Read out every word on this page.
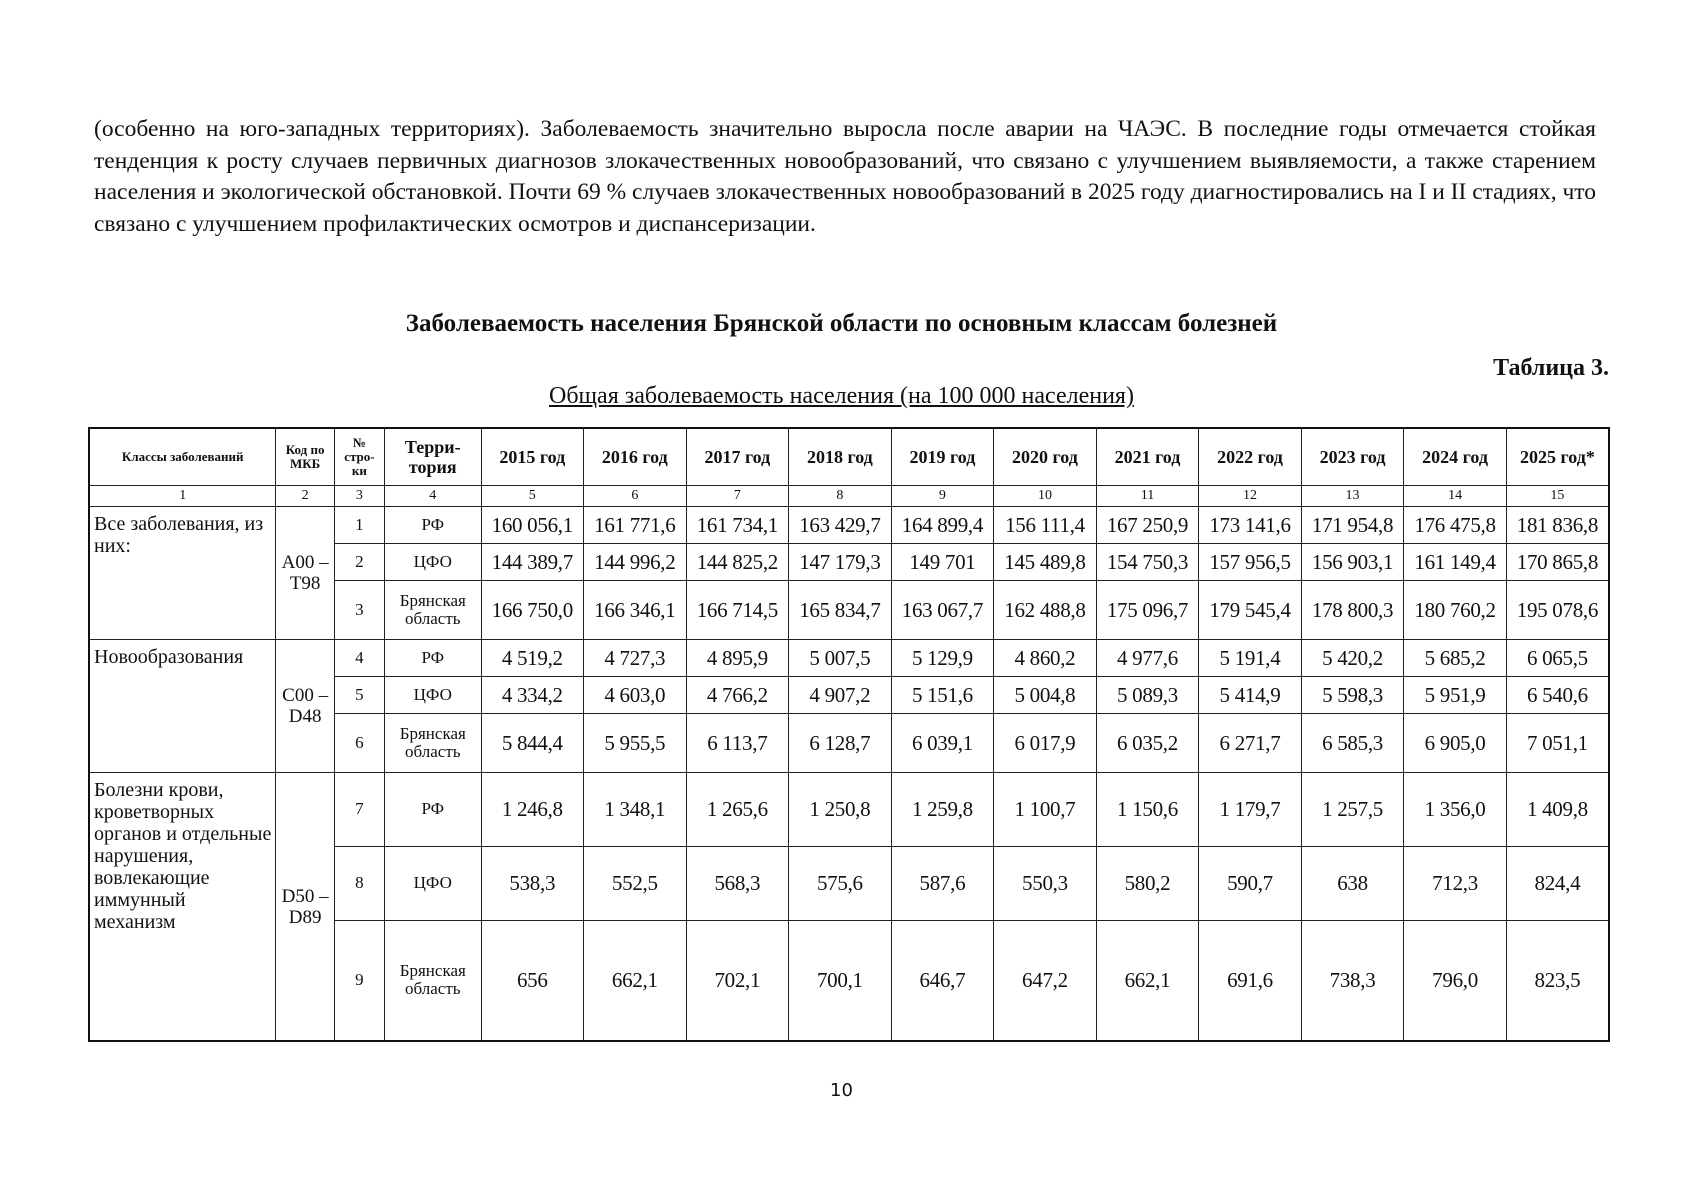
(особенно на юго-западных территориях). Заболеваемость значительно выросла после аварии на ЧАЭС. В последние годы отмечается стойкая тенденция к росту случаев первичных диагнозов злокачественных новообразований, что связано с улучшением выявляемости, а также старением населения и экологической обстановкой. Почти 69 % случаев злокачественных новообразований в 2025 году диагностировались на I и II стадиях, что связано с улучшением профилактических осмотров и диспансеризации.

Заболеваемость населения Брянской области по основным классам болезней

Таблица 3.

Общая заболеваемость населения (на 100 000 населения)

Классы заболеваний	Код по МКБ	№ стро-ки	Терри-тория	2015 год	2016 год	2017 год	2018 год	2019 год	2020 год	2021 год	2022 год	2023 год	2024 год	2025 год*
1	2	3	4	5	6	7	8	9	10	11	12	13	14	15
Все заболевания, из них:	А00 – Т98	1	РФ	160 056,1	161 771,6	161 734,1	163 429,7	164 899,4	156 111,4	167 250,9	173 141,6	171 954,8	176 475,8	181 836,8
		2	ЦФО	144 389,7	144 996,2	144 825,2	147 179,3	149 701	145 489,8	154 750,3	157 956,5	156 903,1	161 149,4	170 865,8
		3	Брянская область	166 750,0	166 346,1	166 714,5	165 834,7	163 067,7	162 488,8	175 096,7	179 545,4	178 800,3	180 760,2	195 078,6
Новообразования	С00 – D48	4	РФ	4 519,2	4 727,3	4 895,9	5 007,5	5 129,9	4 860,2	4 977,6	5 191,4	5 420,2	5 685,2	6 065,5
		5	ЦФО	4 334,2	4 603,0	4 766,2	4 907,2	5 151,6	5 004,8	5 089,3	5 414,9	5 598,3	5 951,9	6 540,6
		6	Брянская область	5 844,4	5 955,5	6 113,7	6 128,7	6 039,1	6 017,9	6 035,2	6 271,7	6 585,3	6 905,0	7 051,1
Болезни крови, кроветворных органов и отдельные нарушения, вовлекающие иммунный механизм	D50 – D89	7	РФ	1 246,8	1 348,1	1 265,6	1 250,8	1 259,8	1 100,7	1 150,6	1 179,7	1 257,5	1 356,0	1 409,8
		8	ЦФО	538,3	552,5	568,3	575,6	587,6	550,3	580,2	590,7	638	712,3	824,4
		9	Брянская область	656	662,1	702,1	700,1	646,7	647,2	662,1	691,6	738,3	796,0	823,5

10
